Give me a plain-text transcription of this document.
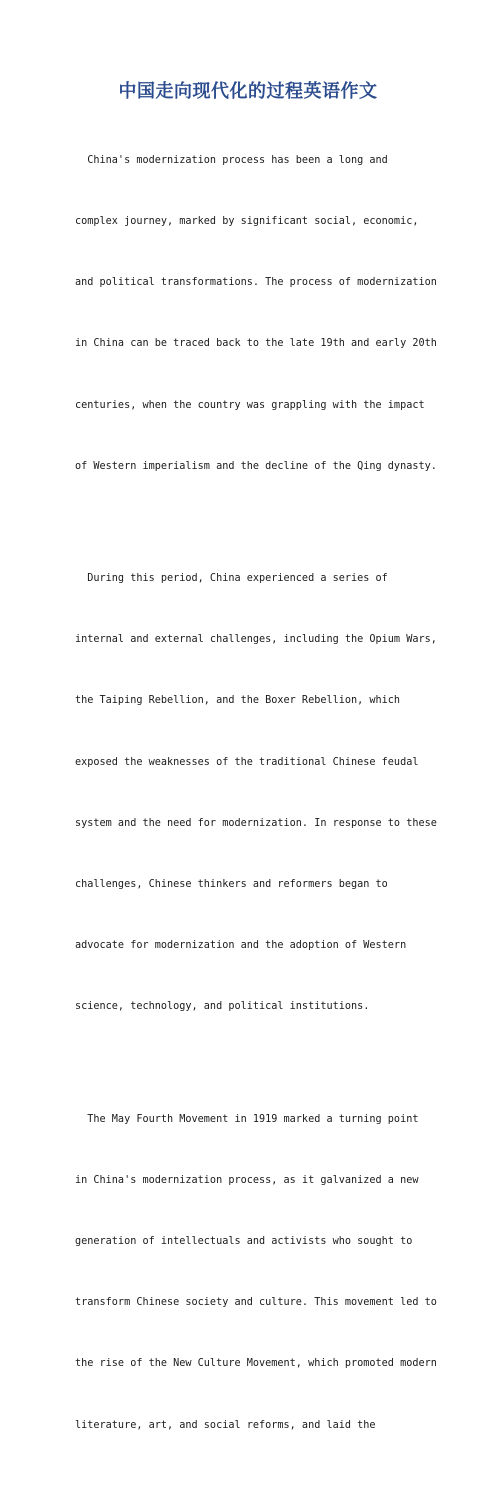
中国走向现代化的过程英语作文

China's modernization process has been a long and

complex journey, marked by significant social, economic,

and political transformations. The process of modernization

in China can be traced back to the late 19th and early 20th

centuries, when the country was grappling with the impact

of Western imperialism and the decline of the Qing dynasty.

During this period, China experienced a series of

internal and external challenges, including the Opium Wars,

the Taiping Rebellion, and the Boxer Rebellion, which

exposed the weaknesses of the traditional Chinese feudal

system and the need for modernization. In response to these

challenges, Chinese thinkers and reformers began to

advocate for modernization and the adoption of Western

science, technology, and political institutions.

The May Fourth Movement in 1919 marked a turning point

in China's modernization process, as it galvanized a new

generation of intellectuals and activists who sought to

transform Chinese society and culture. This movement led to

the rise of the New Culture Movement, which promoted modern

literature, art, and social reforms, and laid the
